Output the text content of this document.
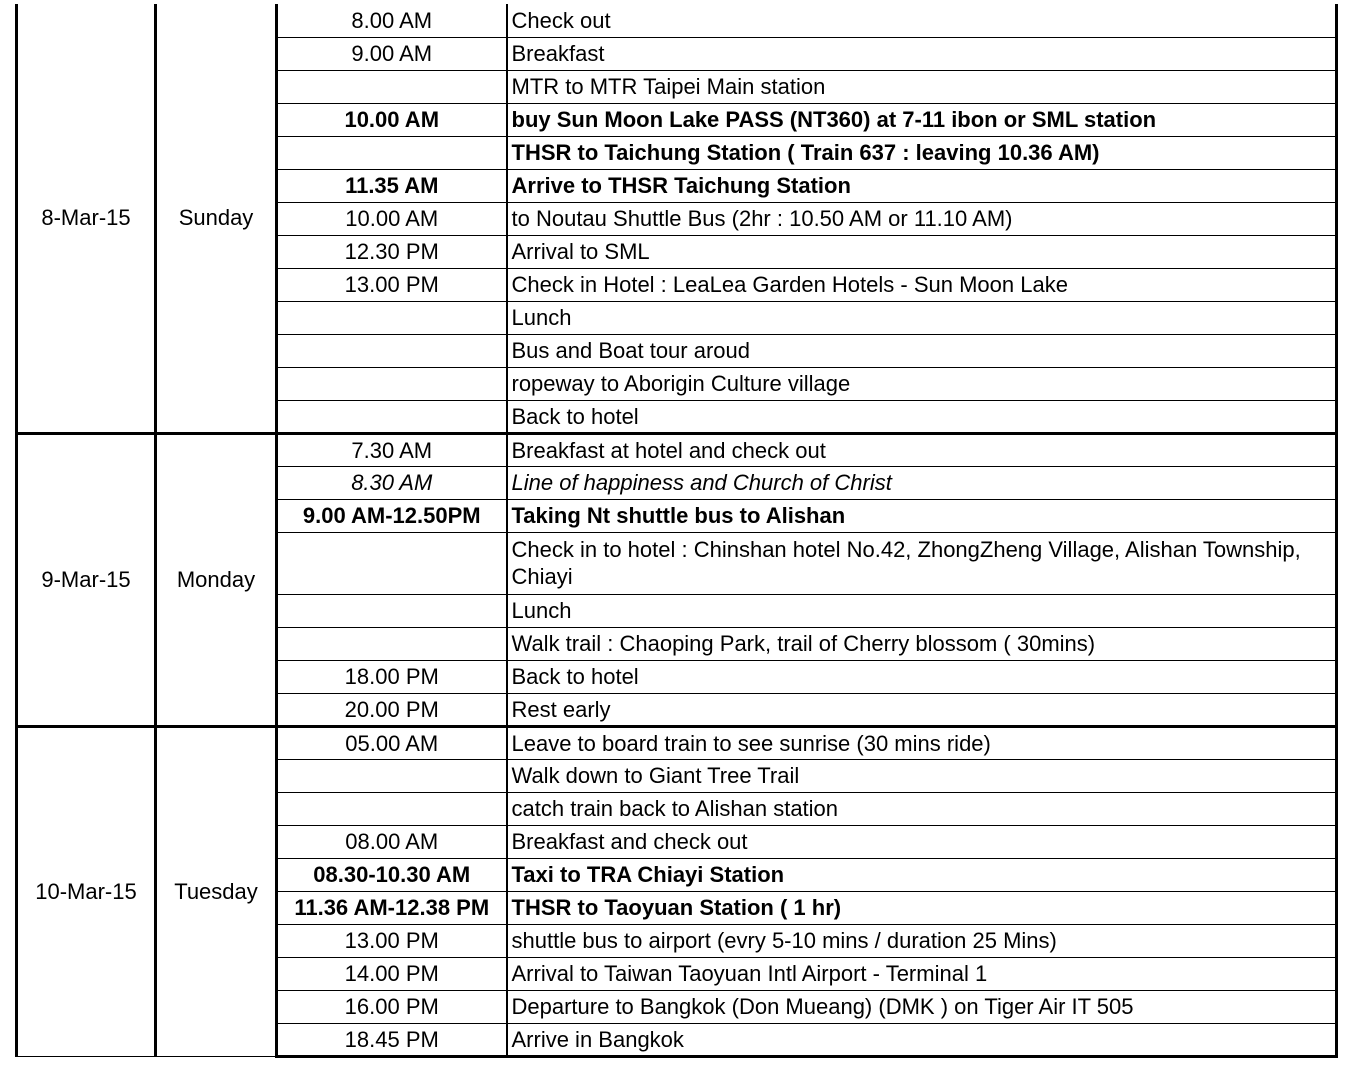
8-Mar-15	Sunday	8.00 AM	Check out
		9.00 AM	Breakfast
			MTR to MTR Taipei Main station
		10.00 AM	buy Sun Moon Lake PASS (NT360) at 7-11 ibon or SML station
			THSR to Taichung Station ( Train 637 : leaving 10.36 AM)
		11.35 AM	Arrive to THSR Taichung Station
		10.00 AM	to Noutau Shuttle Bus (2hr : 10.50 AM or 11.10 AM)
		12.30 PM	Arrival to SML
		13.00 PM	Check in Hotel : LeaLea Garden Hotels - Sun Moon Lake
			Lunch
			Bus and Boat tour aroud
			ropeway to Aborigin Culture village
			Back to hotel
9-Mar-15	Monday	7.30 AM	Breakfast at hotel and check out
		8.30 AM	Line of happiness and Church of Christ
		9.00 AM-12.50PM	Taking Nt shuttle bus to Alishan
			Check in to hotel : Chinshan hotel No.42, ZhongZheng Village, Alishan Township, Chiayi
			Lunch
			Walk trail : Chaoping Park, trail of Cherry blossom ( 30mins)
		18.00 PM	Back to hotel
		20.00 PM	Rest early
10-Mar-15	Tuesday	05.00 AM	Leave to board train to see sunrise (30 mins ride)
			Walk down to Giant Tree Trail
			catch train back to Alishan station
		08.00 AM	Breakfast and check out
		08.30-10.30 AM	Taxi to TRA Chiayi Station
		11.36 AM-12.38 PM	THSR to Taoyuan Station ( 1 hr)
		13.00 PM	shuttle bus to airport (evry 5-10 mins / duration 25 Mins)
		14.00 PM	Arrival to Taiwan Taoyuan Intl Airport - Terminal 1
		16.00 PM	Departure to Bangkok (Don Mueang) (DMK ) on Tiger Air IT 505
		18.45 PM	Arrive in Bangkok
